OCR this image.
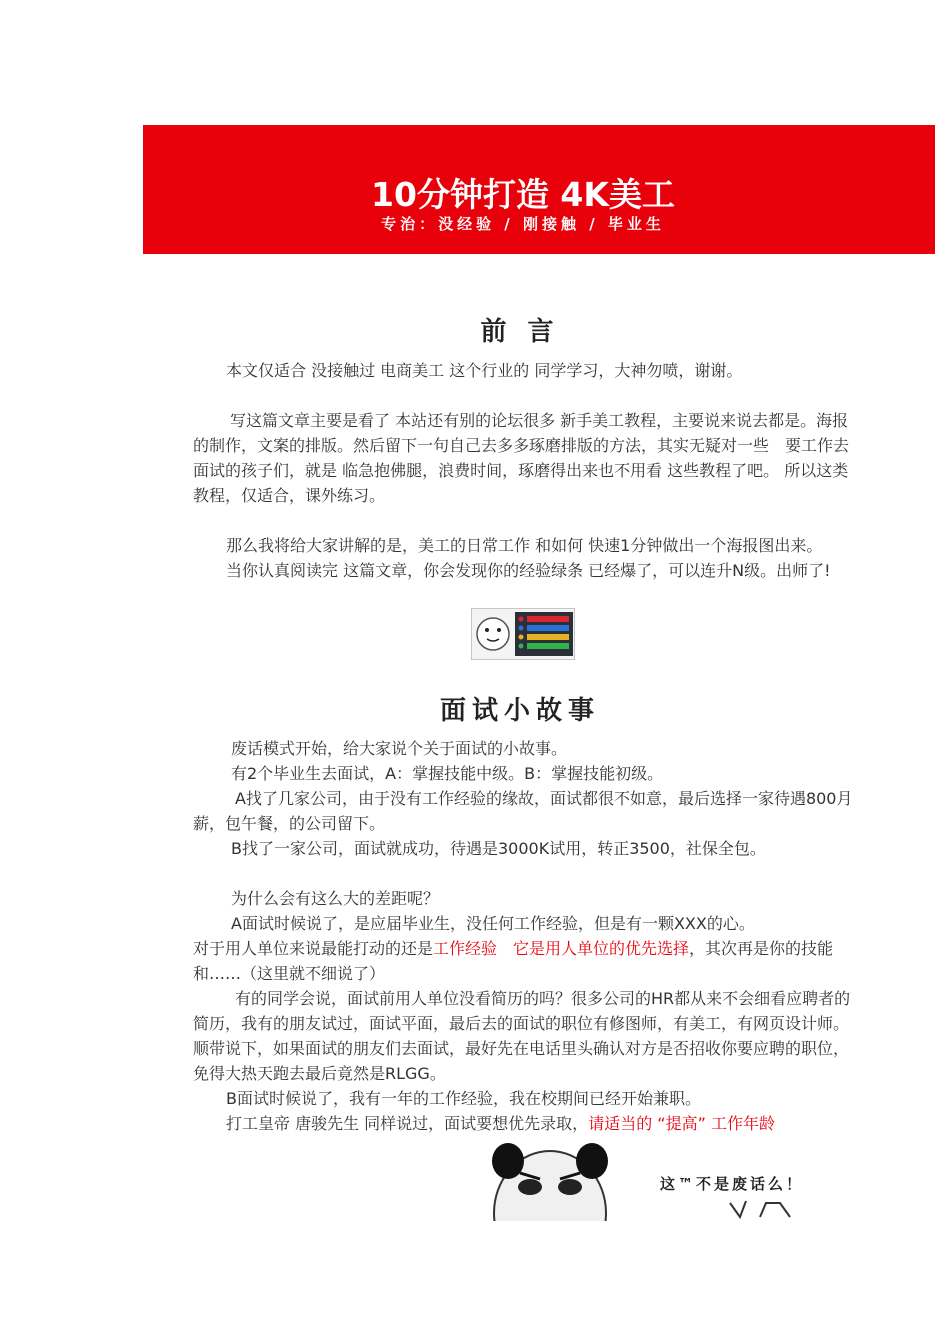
10分钟打造 4K美工
专治：没经验 / 刚接触 / 毕业生
前 言

本文仅适合 没接触过 电商美工 这个行业的 同学学习，大神勿喷，谢谢。

写这篇文章主要是看了 本站还有别的论坛很多 新手美工教程，主要说来说去都是。海报的制作，文案的排版。然后留下一句自己去多多琢磨排版的方法，其实无疑对一些　要工作去面试的孩子们，就是 临急抱佛腿，浪费时间，琢磨得出来也不用看 这些教程了吧。 所以这类教程，仅适合，课外练习。

那么我将给大家讲解的是，美工的日常工作 和如何 快速1分钟做出一个海报图出来。

当你认真阅读完 这篇文章，你会发现你的经验绿条 已经爆了，可以连升N级。出师了!

面试小故事

废话模式开始，给大家说个关于面试的小故事。

有2个毕业生去面试，A：掌握技能中级。B：掌握技能初级。

A找了几家公司，由于没有工作经验的缘故，面试都很不如意，最后选择一家待遇800月薪，包午餐，的公司留下。

B找了一家公司，面试就成功，待遇是3000K试用，转正3500，社保全包。

为什么会有这么大的差距呢？

A面试时候说了，是应届毕业生，没任何工作经验，但是有一颗XXX的心。

对于用人单位来说最能打动的还是工作经验　它是用人单位的优先选择，其次再是你的技能和……（这里就不细说了）

有的同学会说，面试前用人单位没看简历的吗？很多公司的HR都从来不会细看应聘者的简历，我有的朋友试过，面试平面，最后去的面试的职位有修图师，有美工，有网页设计师。顺带说下，如果面试的朋友们去面试，最好先在电话里头确认对方是否招收你要应聘的职位，免得大热天跑去最后竟然是RLGG。

B面试时候说了，我有一年的工作经验，我在校期间已经开始兼职。

打工皇帝 唐骏先生 同样说过，面试要想优先录取，请适当的 “提高” 工作年龄

这™不是废话么！
